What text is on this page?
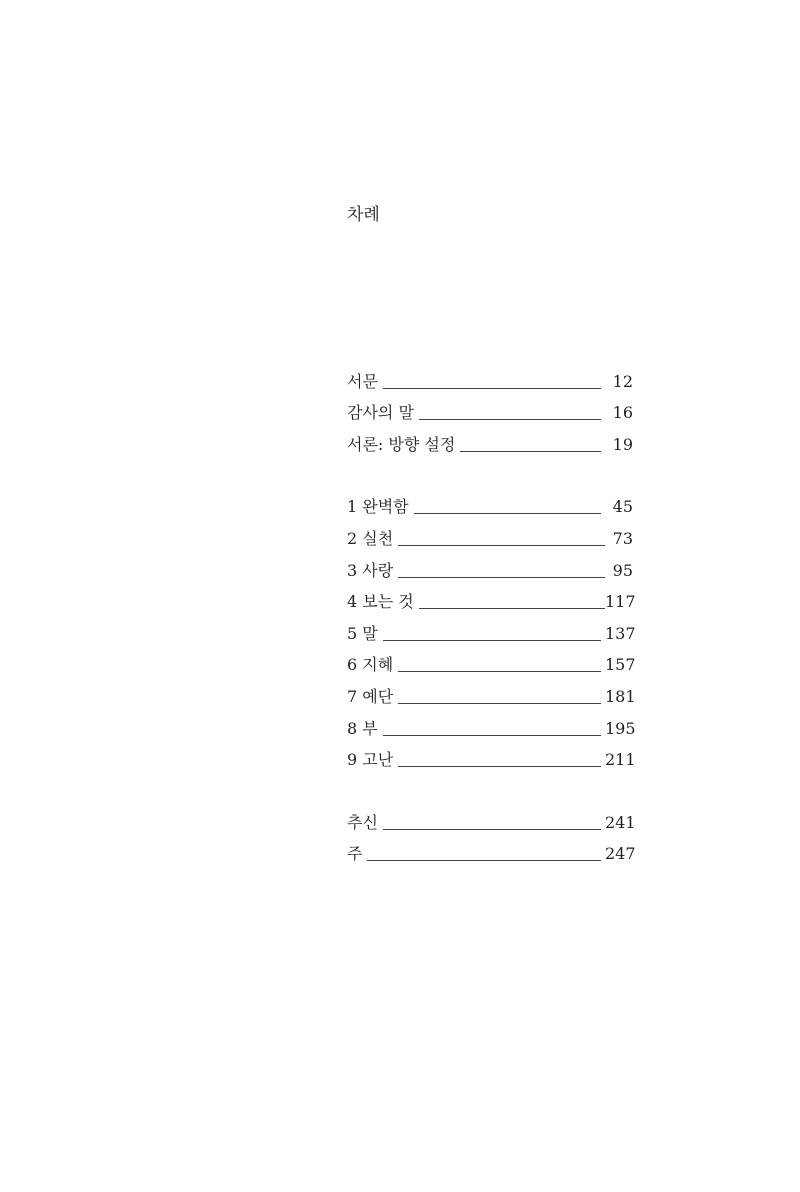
차례
서문	12
감사의 말	16
서론: 방향 설정	19
1 완벽함	45
2 실천	73
3 사랑	95
4 보는 것	117
5 말	137
6 지혜	157
7 예단	181
8 부	195
9 고난	211
추신	241
주	247
